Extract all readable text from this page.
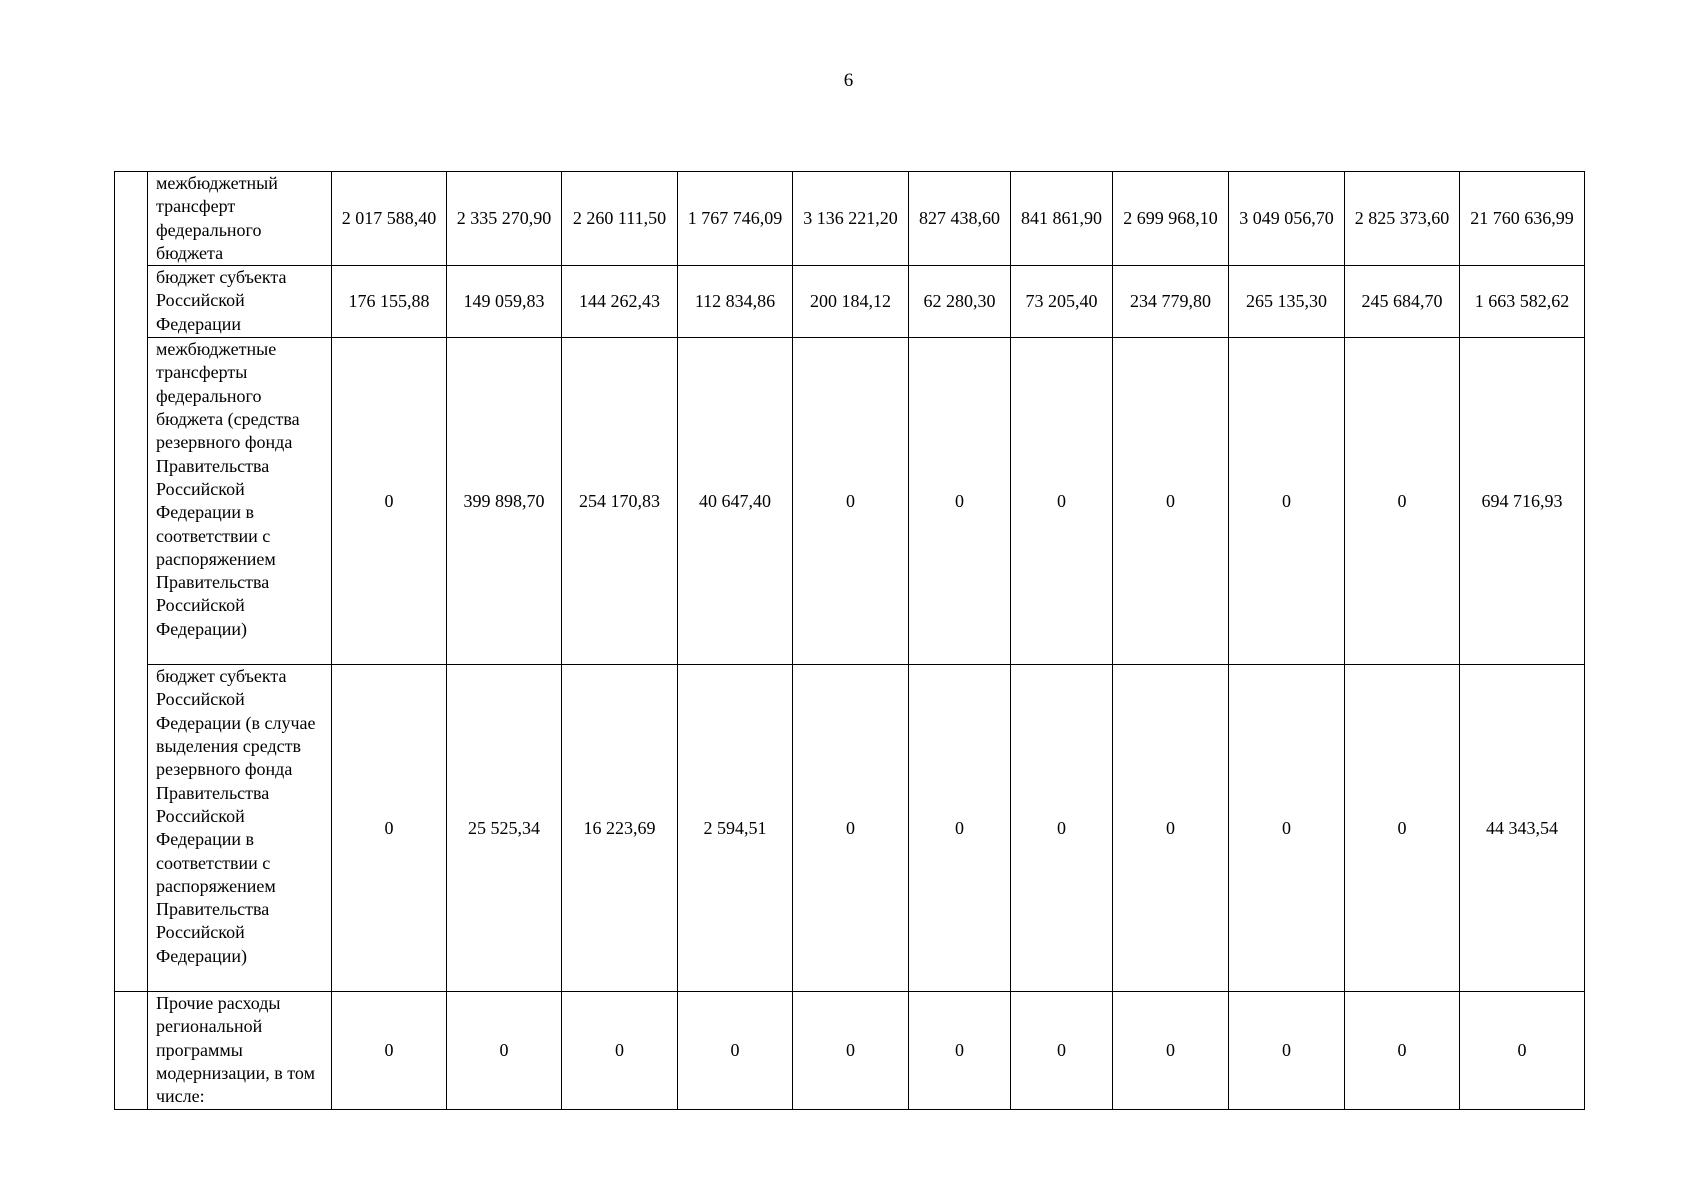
6
	межбюджетный трансферт федерального бюджета	2 017 588,40	2 335 270,90	2 260 111,50	1 767 746,09	3 136 221,20	827 438,60	841 861,90	2 699 968,10	3 049 056,70	2 825 373,60	21 760 636,99
	бюджет субъекта Российской Федерации	176 155,88	149 059,83	144 262,43	112 834,86	200 184,12	62 280,30	73 205,40	234 779,80	265 135,30	245 684,70	1 663 582,62
	межбюджетные трансферты федерального бюджета (средства резервного фонда Правительства Российской Федерации в соответствии с распоряжением Правительства Российской Федерации)	0	399 898,70	254 170,83	40 647,40	0	0	0	0	0	0	694 716,93
	бюджет субъекта Российской Федерации (в случае выделения средств резервного фонда Правительства Российской Федерации в соответствии с распоряжением Правительства Российской Федерации)	0	25 525,34	16 223,69	2 594,51	0	0	0	0	0	0	44 343,54
	Прочие расходы региональной программы модернизации, в том числе:	0	0	0	0	0	0	0	0	0	0	0
